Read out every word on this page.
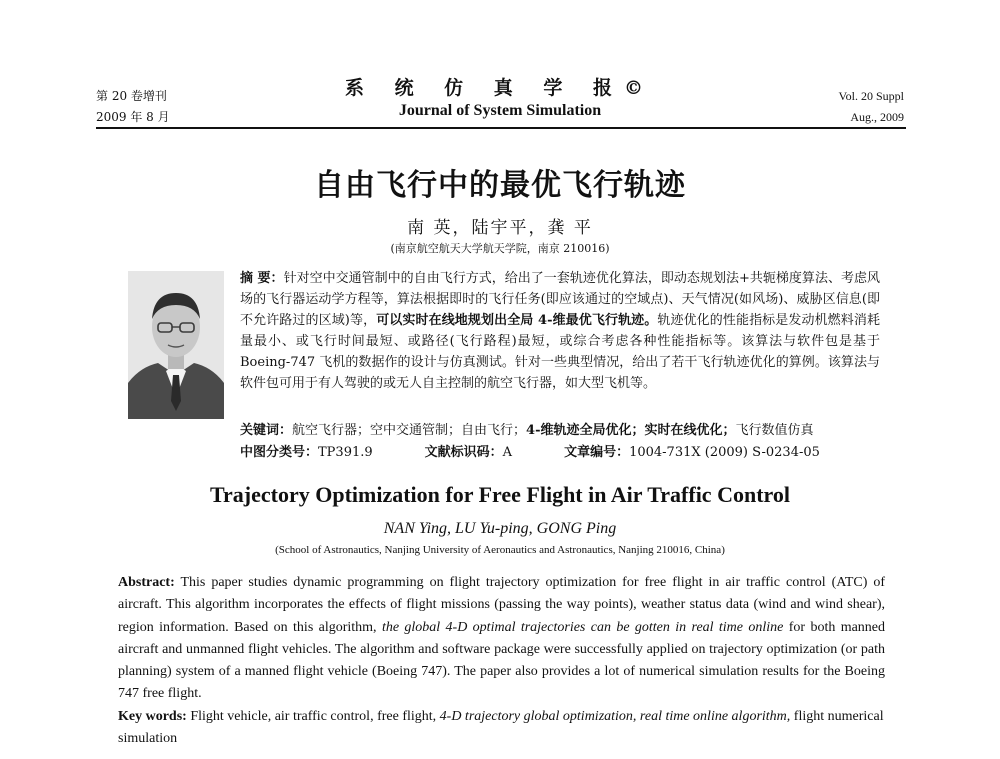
第 20 卷增刊
2009 年 8 月
系 统 仿 真 学 报©
Journal of System Simulation
Vol. 20 Suppl
Aug., 2009
自由飞行中的最优飞行轨迹
南 英，陆宇平，龚 平
(南京航空航天大学航天学院，南京 210016)
摘 要：针对空中交通管制中的自由飞行方式，给出了一套轨迹优化算法，即动态规划法+共轭梯度算法、考虑风场的飞行器运动学方程等，算法根据即时的飞行任务(即应该通过的空域点)、天气情况(如风场)、威胁区信息(即不允许路过的区域)等，可以实时在线地规划出全局 4-维最优飞行轨迹。轨迹优化的性能指标是发动机燃料消耗量最小、或飞行时间最短、或路径(飞行路程)最短，或综合考虑各种性能指标等。该算法与软件包是基于 Boeing-747 飞机的数据作的设计与仿真测试。针对一些典型情况，给出了若干飞行轨迹优化的算例。该算法与软件包可用于有人驾驶的或无人自主控制的航空飞行器，如大型飞机等。
关键词：航空飞行器；空中交通管制；自由飞行；4-维轨迹全局优化；实时在线优化；飞行数值仿真
中图分类号：TP391.9	文献标识码：A	文章编号：1004-731X (2009) S-0234-05
Trajectory Optimization for Free Flight in Air Traffic Control
NAN Ying, LU Yu-ping, GONG Ping
(School of Astronautics, Nanjing University of Aeronautics and Astronautics, Nanjing 210016, China)
Abstract: This paper studies dynamic programming on flight trajectory optimization for free flight in air traffic control (ATC) of aircraft. This algorithm incorporates the effects of flight missions (passing the way points), weather status data (wind and wind shear), region information. Based on this algorithm, the global 4-D optimal trajectories can be gotten in real time online for both manned aircraft and unmanned flight vehicles. The algorithm and software package were successfully applied on trajectory optimization (or path planning) system of a manned flight vehicle (Boeing 747). The paper also provides a lot of numerical simulation results for the Boeing 747 free flight.
Key words: Flight vehicle, air traffic control, free flight, 4-D trajectory global optimization, real time online algorithm, flight numerical simulation
